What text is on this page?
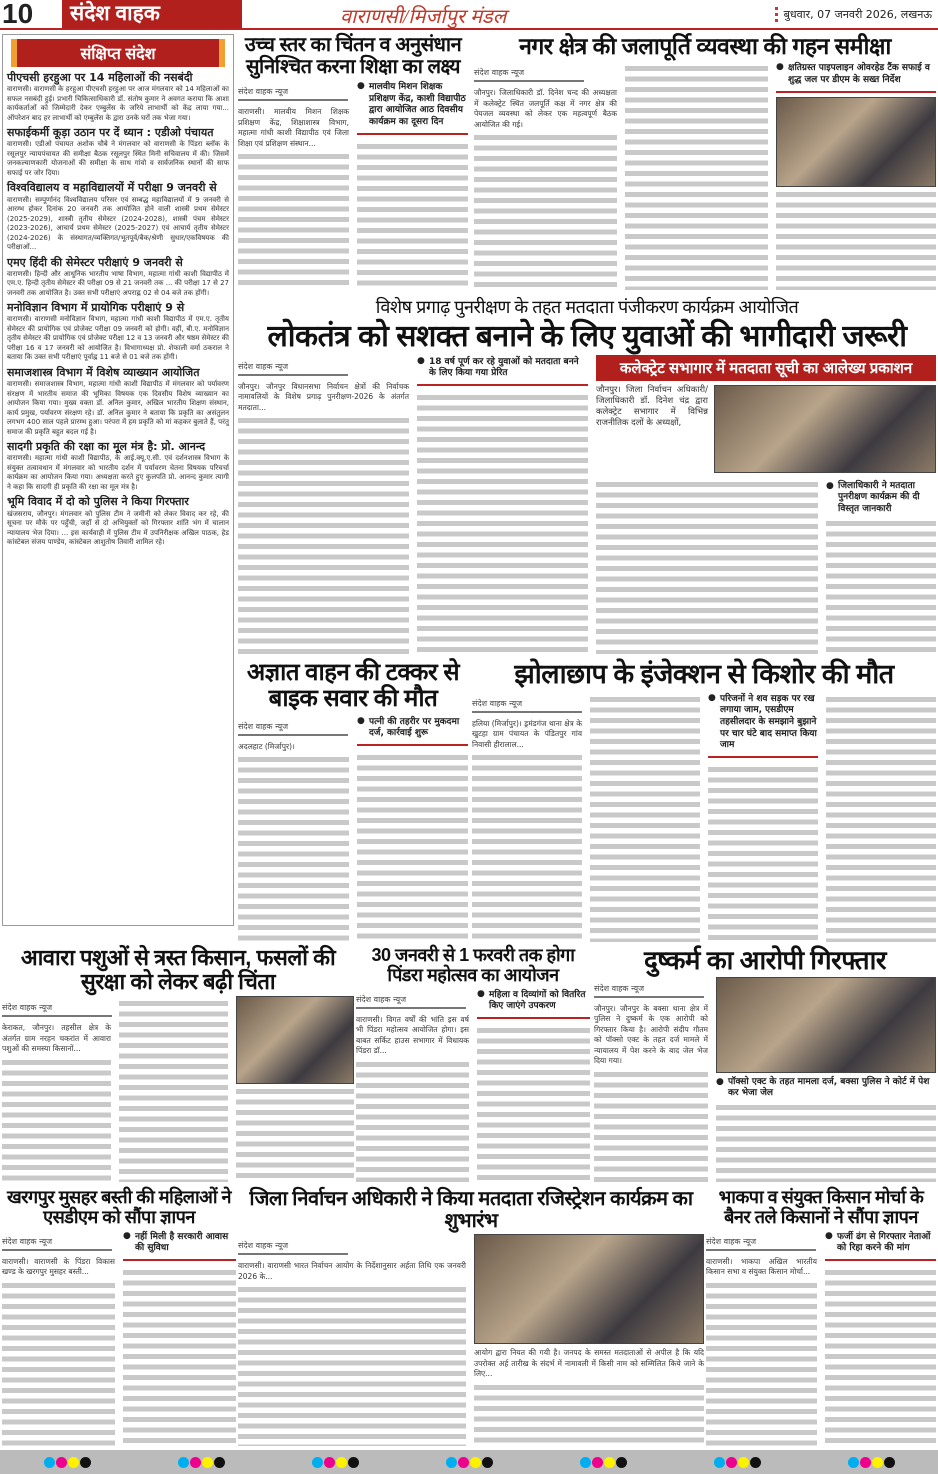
10	संदेश वाहक	वाराणसी/मिर्जापुर मंडल	बुधवार, 07 जनवरी 2026, लखनऊ
संक्षिप्त संदेश
पीएचसी हरहुआ पर 14 महिलाओं की नसबंदी
वाराणसी। वाराणसी के हरहुआ पीएचसी हरहुआ पर आज मंगलवार को 14 महिलाओं का सफल नसबंदी हुई। प्रभारी चिकित्साधिकारी डॉ. संतोष कुमार ने अवगत कराया कि आशा कार्यकर्ताओं को जिम्मेदारी देकर एम्बुलेंस के जरिये लाभार्थी को केंद्र लाया गया... ऑपरेशन बाद हर लाभार्थी को एम्बुलेंस के द्वारा उनके घरों तक भेजा गया।
सफाईकर्मी कूड़ा उठान पर दें ध्यान : एडीओ पंचायत
वाराणसी। एडीओ पंचायत अशोक चौबे ने मंगलवार को वाराणसी के पिंडरा ब्लॉक के रसूलपुर न्यायपंचायत की समीक्षा बैठक रसूलपुर स्थित मिनी सचिवालय में की। जिसमें जनकल्याणकारी योजनाओं की समीक्षा के साथ गांवो व सार्वजनिक स्थानों की साफ सफाई पर जोर दिया।
विश्वविद्यालय व महाविद्यालयों में परीक्षा 9 जनवरी से
वाराणसी। सम्पूर्णानंद विश्वविद्यालय परिसर एवं सम्बद्ध महाविद्यालयों में 9 जनवरी से आरम्भ होकर दिनांक 20 जनवरी तक आयोजित होने वाली शास्त्री प्रथम सेमेस्टर (2025-2029), शास्त्री तृतीय सेमेस्टर (2024-2028), शास्त्री पंचम सेमेस्टर (2023-2026), आचार्य प्रथम सेमेस्टर (2025-2027) एवं आचार्य तृतीय सेमेस्टर (2024-2026) के संस्थागत/व्यक्तिगत/भूतपूर्व/बैक/श्रेणी सुधार/एकविषयक की परीक्षाओं...
एमए हिंदी की सेमेस्टर परीक्षाएं 9 जनवरी से
वाराणसी। हिन्दी और आधुनिक भारतीय भाषा विभाग, महात्मा गांधी काशी विद्यापीठ में एम.ए. हिन्दी तृतीय सेमेस्टर की परीक्षा 09 से 21 जनवरी तक ... की परीक्षा 17 से 27 जनवरी तक आयोजित है। उक्त सभी परीक्षाएं अपराह्न 02 से 04 बजे तक होंगी।
मनोविज्ञान विभाग में प्रायोगिक परीक्षाएं 9 से
वाराणसी। वाराणसी मनोविज्ञान विभाग, महात्मा गांधी काशी विद्यापीठ में एम.ए. तृतीय सेमेस्टर की प्रायोगिक एवं प्रोजेक्ट परीक्षा 09 जनवरी को होगी। वहीं, बी.ए. मनोविज्ञान तृतीय सेमेस्टर की प्रायोगिक एवं प्रोजेक्ट परीक्षा 12 व 13 जनवरी और षष्ठम सेमेस्टर की परीक्षा 16 व 17 जनवरी को आयोजित है। विभागाध्यक्ष प्रो. शेफाली वर्मा ठकराल ने बताया कि उक्त सभी परीक्षाएं पूर्वाह्न 11 बजे से 01 बजे तक होंगी।
समाजशास्त्र विभाग में विशेष व्याख्यान आयोजित
वाराणसी। समाजशास्त्र विभाग, महात्मा गांधी काशी विद्यापीठ में मंगलवार को पर्यावरण संरक्षण में भारतीय समाज की भूमिका विषयक एक दिवसीय विशेष व्याख्यान का आयोजन किया गया। मुख्य वक्ता डॉ. अनिल कुमार, अखिल भारतीय शिक्षण संस्थान, कार्य प्रमुख, पर्यावरण संरक्षण रहे। डॉ. अनिल कुमार ने बताया कि प्रकृति का असंतुलन लगभग 400 साल पहले प्रारम्भ हुआ। परंपरा में हम प्रकृति को मां कहकर बुलाते हैं, परंतु समाज की प्रकृति बहुत बदल गई है।
सादगी प्रकृति की रक्षा का मूल मंत्र है: प्रो. आनन्द
वाराणसी। महात्मा गांधी काशी विद्यापीठ, के आई.क्यू.ए.सी. एवं दर्शनशास्त्र विभाग के संयुक्त तत्वावधान में मंगलवार को भारतीय दर्शन में पर्यावरण चेतना विषयक परिचर्चा कार्यक्रम का आयोजन किया गया। अध्यक्षता करते हुए कुलपति प्रो. आनन्द कुमार त्यागी ने कहा कि सादगी ही प्रकृति की रक्षा का मूल मंत्र है।
भूमि विवाद में दो को पुलिस ने किया गिरफ्तार
खंजसराय, जौनपुर। मंगलवार को पुलिस टीम ने जमीनी को लेकर विवाद कर रहे, की सूचना पर मौके पर पहुँची, जहाँ से दो अभियुक्तों को गिरफ्तार शांति भंग में चालान न्यायालय भेज दिया। ... इस कार्यवाही में पुलिस टीम में उपनिरीक्षक अखिल पाठक, हेड कांस्टेबल संजय पाण्डेय, कांस्टेबल आशुतोष तिवारी शामिल रहे।
उच्च स्तर का चिंतन व अनुसंधान सुनिश्चित करना शिक्षा का लक्ष्य
संदेश वाहक न्यूज

वाराणसी। मालवीय मिशन शिक्षक प्रशिक्षण केंद्र, शिक्षाशास्त्र विभाग, महात्मा गांधी काशी विद्यापीठ एवं जिला शिक्षा एवं प्रशिक्षण संस्थान...

● मालवीय मिशन शिक्षक प्रशिक्षण केंद्र, काशी विद्यापीठ द्वारा आयोजित आठ दिवसीय कार्यक्रम का दूसरा दिन
नगर क्षेत्र की जलापूर्ति व्यवस्था की गहन समीक्षा
संदेश वाहक न्यूज

जौनपुर। जिलाधिकारी डॉ. दिनेश चन्द की अध्यक्षता में कलेक्ट्रेट स्थित जलपूर्ति कक्ष में नगर क्षेत्र की पेयजल व्यवस्था को लेकर एक महत्वपूर्ण बैठक आयोजित की गई।

● क्षतिग्रस्त पाइपलाइन ओवरहेड टैंक सफाई व शुद्ध जल पर डीएम के सख्त निर्देश
अज्ञात वाहन की टक्कर से बाइक सवार की मौत
संदेश वाहक न्यूज

अदलहाट (मिर्जापुर)।

● पत्नी की तहरीर पर मुकदमा दर्ज, कार्रवाई शुरू
झोलाछाप के इंजेक्शन से किशोर की मौत
संदेश वाहक न्यूज

हलिया (मिर्जापुर)। ड्रमंडगंज थाना क्षेत्र के खुटहा ग्राम पंचायत के पंडितपुर गांव निवासी हीरालाल...

● परिजनों ने शव सड़क पर रख लगाया जाम, एसडीएम तहसीलदार के समझाने बुझाने पर चार घंटे बाद समाप्त किया जाम
आवारा पशुओं से त्रस्त किसान, फसलों की सुरक्षा को लेकर बढ़ी चिंता
संदेश वाहक न्यूज

केराकत, जौनपुर। तहसील क्षेत्र के अंतर्गत ग्राम नरहन चकरांत में आवारा पशुओं की समस्या किसानों...

30 जनवरी से 1 फरवरी तक होगा पिंडरा महोत्सव का आयोजन
संदेश वाहक न्यूज

वाराणसी। विगत वर्षों की भांति इस वर्ष भी पिंडरा महोत्सव आयोजित होगा। इस बाबत सर्किट हाउस सभागार में विधायक पिंडरा डॉ...

● महिला व दिव्यांगों को वितरित किए जाएंगे उपकरण
दुष्कर्म का आरोपी गिरफ्तार
संदेश वाहक न्यूज

जौनपुर। जौनपुर के बक्सा थाना क्षेत्र में पुलिस ने दुष्कर्म के एक आरोपी को गिरफ्तार किया है। आरोपी संदीप गौतम को पॉक्सो एक्ट के तहत दर्ज मामले में न्यायालय में पेश करने के बाद जेल भेज दिया गया।

● पॉक्सो एक्ट के तहत मामला दर्ज, बक्सा पुलिस ने कोर्ट में पेश कर भेजा जेल
खरगपुर मुसहर बस्ती की महिलाओं ने एसडीएम को सौंपा ज्ञापन
संदेश वाहक न्यूज

वाराणसी। वाराणसी के पिंडरा विकास खण्ड के खरगपुर मुसहर बस्ती...

● नहीं मिली है सरकारी आवास की सुविधा
जिला निर्वाचन अधिकारी ने किया मतदाता रजिस्ट्रेशन कार्यक्रम का शुभारंभ
संदेश वाहक न्यूज

वाराणसी। वाराणसी भारत निर्वाचन आयोग के निर्देशानुसार अर्हता तिथि एक जनवरी 2026 के...

आयोग द्वारा नियत की गयी है। जनपद के समस्त मतदाताओं से अपील है कि यदि उपरोक्त अर्ह तारीख के संदर्भ में नामावली में किसी नाम को सम्मिलित किये जाने के लिए...

भाकपा व संयुक्त किसान मोर्चा के बैनर तले किसानों ने सौंपा ज्ञापन
संदेश वाहक न्यूज

वाराणसी। भाकपा अखिल भारतीय किसान सभा व संयुक्त किसान मोर्चा...

● फर्जी ढंग से गिरफ्तार नेताओं को रिहा करने की मांग
विशेष प्रगाढ़ पुनरीक्षण के तहत मतदाता पंजीकरण कार्यक्रम आयोजित
लोकतंत्र को सशक्त बनाने के लिए युवाओं की भागीदारी जरूरी
संदेश वाहक न्यूज

जौनपुर। जौनपुर विधानसभा निर्वाचन क्षेत्रों की निर्वाचक नामावलियों के विशेष प्रगाढ़ पुनरीक्षण-2026 के अंतर्गत मतदाता...

● 18 वर्ष पूर्ण कर रहे युवाओं को मतदाता बनने के लिए किया गया प्रेरित	कलेक्ट्रेट सभागार में मतदाता सूची का आलेख्य प्रकाशन

जौनपुर। जिला निर्वाचन अधिकारी/जिलाधिकारी डॉ. दिनेश चंद्र द्वारा कलेक्ट्रेट सभागार में विभिन्न राजनीतिक दलों के अध्यक्षों,

● जिलाधिकारी ने मतदाता पुनरीक्षण कार्यक्रम की दी विस्तृत जानकारी
